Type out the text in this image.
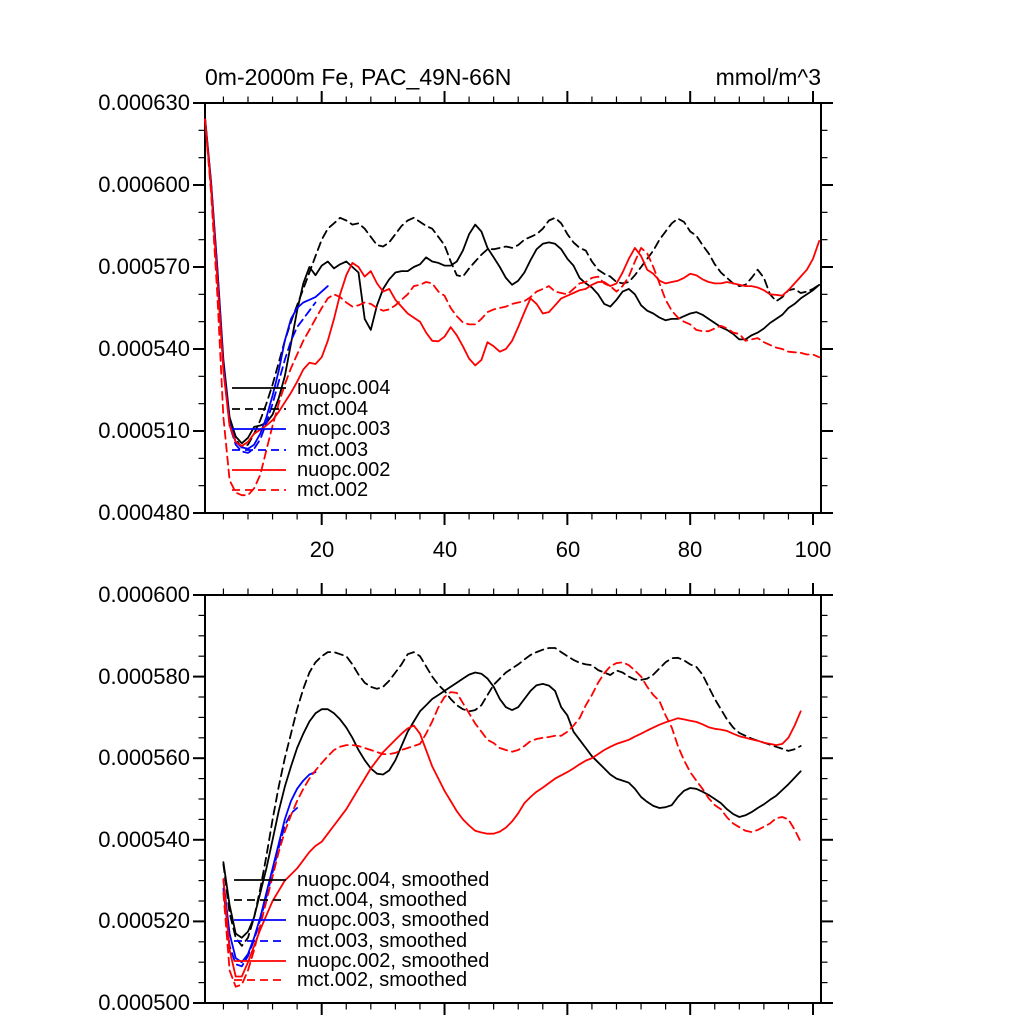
0m-2000m Fe, PAC_49N-66N	mmol/m^3
0.000630
0.000600
0.000570
0.000540
0.000510
0.000480
20	40	60	80	100
nuopc.004
mct.004
nuopc.003
mct.003
nuopc.002
mct.002
0.000600
0.000580
0.000560
0.000540
0.000520
0.000500
nuopc.004, smoothed
mct.004, smoothed
nuopc.003, smoothed
mct.003, smoothed
nuopc.002, smoothed
mct.002, smoothed
